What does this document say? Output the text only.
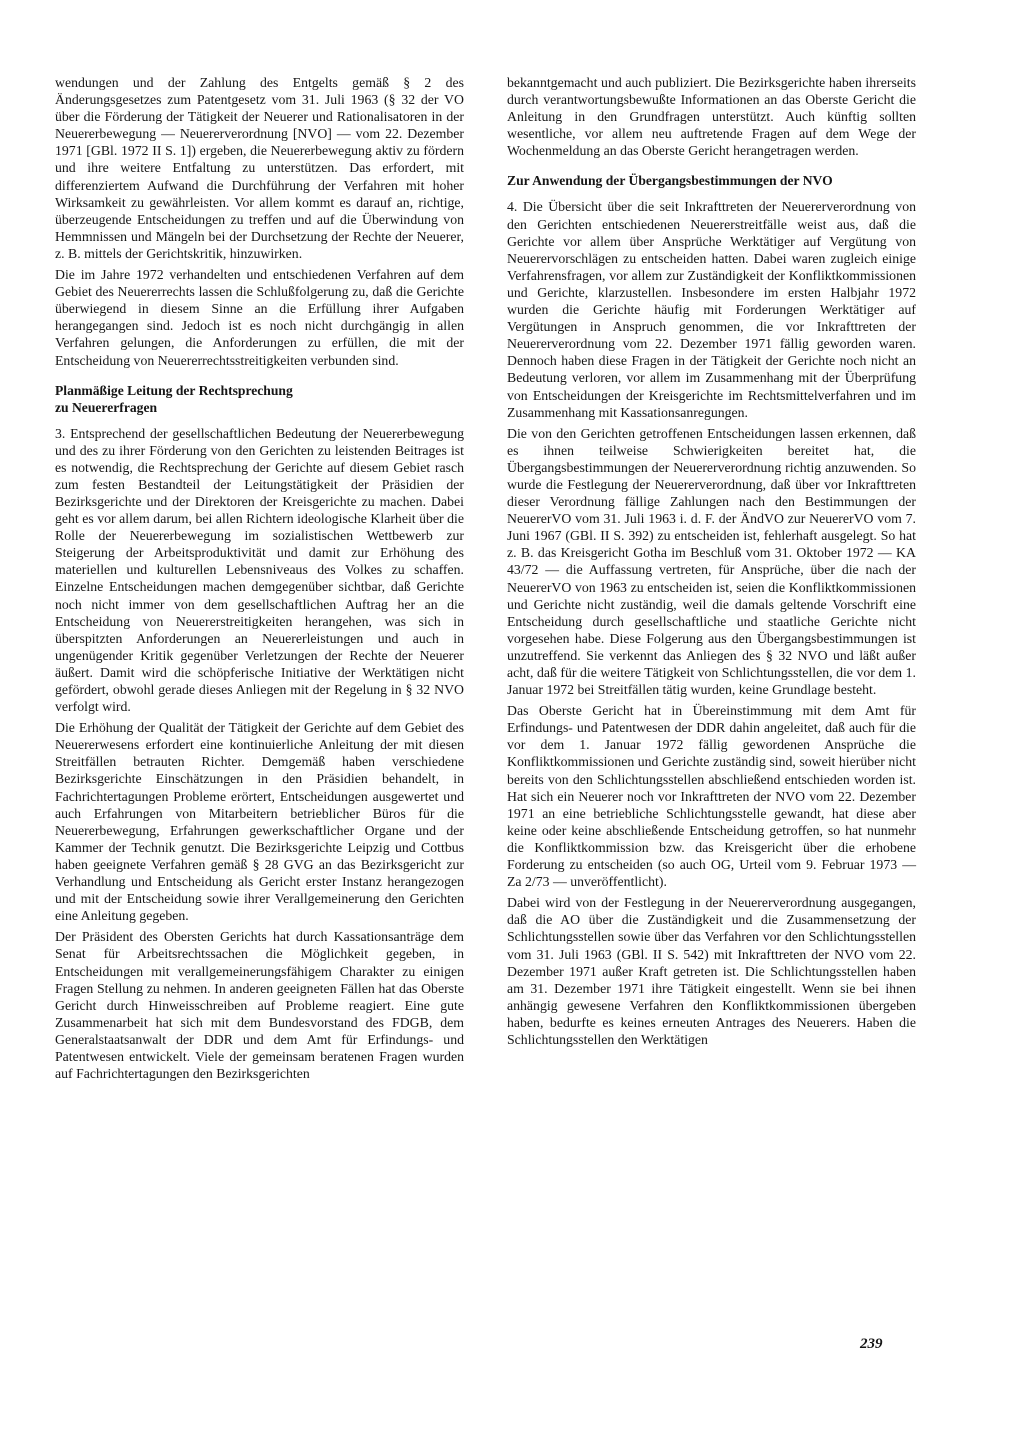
wendungen und der Zahlung des Entgelts gemäß § 2 des Änderungsgesetzes zum Patentgesetz vom 31. Juli 1963 (§ 32 der VO über die Förderung der Tätigkeit der Neuerer und Rationalisatoren in der Neuererbewegung — Neuererverordnung [NVO] — vom 22. Dezember 1971 [GBl. 1972 II S. 1]) ergeben, die Neuererbewegung aktiv zu fördern und ihre weitere Entfaltung zu unterstützen. Das erfordert, mit differenziertem Aufwand die Durchführung der Verfahren mit hoher Wirksamkeit zu gewährleisten. Vor allem kommt es darauf an, richtige, überzeugende Entscheidungen zu treffen und auf die Überwindung von Hemmnissen und Mängeln bei der Durchsetzung der Rechte der Neuerer, z. B. mittels der Gerichtskritik, hinzuwirken.

Die im Jahre 1972 verhandelten und entschiedenen Verfahren auf dem Gebiet des Neuererrechts lassen die Schlußfolgerung zu, daß die Gerichte überwiegend in diesem Sinne an die Erfüllung ihrer Aufgaben herangegangen sind. Jedoch ist es noch nicht durchgängig in allen Verfahren gelungen, die Anforderungen zu erfüllen, die mit der Entscheidung von Neuererrechtsstreitigkeiten verbunden sind.

Planmäßige Leitung der Rechtsprechung
zu Neuererfragen

3. Entsprechend der gesellschaftlichen Bedeutung der Neuererbewegung und des zu ihrer Förderung von den Gerichten zu leistenden Beitrages ist es notwendig, die Rechtsprechung der Gerichte auf diesem Gebiet rasch zum festen Bestandteil der Leitungstätigkeit der Präsidien der Bezirksgerichte und der Direktoren der Kreisgerichte zu machen. Dabei geht es vor allem darum, bei allen Richtern ideologische Klarheit über die Rolle der Neuererbewegung im sozialistischen Wettbewerb zur Steigerung der Arbeitsproduktivität und damit zur Erhöhung des materiellen und kulturellen Lebensniveaus des Volkes zu schaffen. Einzelne Entscheidungen machen demgegenüber sichtbar, daß Gerichte noch nicht immer von dem gesellschaftlichen Auftrag her an die Entscheidung von Neuererstreitigkeiten herangehen, was sich in überspitzten Anforderungen an Neuererleistungen und auch in ungenügender Kritik gegenüber Verletzungen der Rechte der Neuerer äußert. Damit wird die schöpferische Initiative der Werktätigen nicht gefördert, obwohl gerade dieses Anliegen mit der Regelung in § 32 NVO verfolgt wird.

Die Erhöhung der Qualität der Tätigkeit der Gerichte auf dem Gebiet des Neuererwesens erfordert eine kontinuierliche Anleitung der mit diesen Streitfällen betrauten Richter. Demgemäß haben verschiedene Bezirksgerichte Einschätzungen in den Präsidien behandelt, in Fachrichtertagungen Probleme erörtert, Entscheidungen ausgewertet und auch Erfahrungen von Mitarbeitern betrieblicher Büros für die Neuererbewegung, Erfahrungen gewerkschaftlicher Organe und der Kammer der Technik genutzt. Die Bezirksgerichte Leipzig und Cottbus haben geeignete Verfahren gemäß § 28 GVG an das Bezirksgericht zur Verhandlung und Entscheidung als Gericht erster Instanz herangezogen und mit der Entscheidung sowie ihrer Verallgemeinerung den Gerichten eine Anleitung gegeben.

Der Präsident des Obersten Gerichts hat durch Kassationsanträge dem Senat für Arbeitsrechtssachen die Möglichkeit gegeben, in Entscheidungen mit verallgemeinerungsfähigem Charakter zu einigen Fragen Stellung zu nehmen. In anderen geeigneten Fällen hat das Oberste Gericht durch Hinweisschreiben auf Probleme reagiert. Eine gute Zusammenarbeit hat sich mit dem Bundesvorstand des FDGB, dem Generalstaatsanwalt der DDR und dem Amt für Erfindungs- und Patentwesen entwickelt. Viele der gemeinsam beratenen Fragen wurden auf Fachrichtertagungen den Bezirksgerichten

bekanntgemacht und auch publiziert. Die Bezirksgerichte haben ihrerseits durch verantwortungsbewußte Informationen an das Oberste Gericht die Anleitung in den Grundfragen unterstützt. Auch künftig sollten wesentliche, vor allem neu auftretende Fragen auf dem Wege der Wochenmeldung an das Oberste Gericht herangetragen werden.

Zur Anwendung der Übergangsbestimmungen der NVO

4. Die Übersicht über die seit Inkrafttreten der Neuererverordnung von den Gerichten entschiedenen Neuererstreitfälle weist aus, daß die Gerichte vor allem über Ansprüche Werktätiger auf Vergütung von Neuerervorschlägen zu entscheiden hatten. Dabei waren zugleich einige Verfahrensfragen, vor allem zur Zuständigkeit der Konfliktkommissionen und Gerichte, klarzustellen. Insbesondere im ersten Halbjahr 1972 wurden die Gerichte häufig mit Forderungen Werktätiger auf Vergütungen in Anspruch genommen, die vor Inkrafttreten der Neuererverordnung vom 22. Dezember 1971 fällig geworden waren. Dennoch haben diese Fragen in der Tätigkeit der Gerichte noch nicht an Bedeutung verloren, vor allem im Zusammenhang mit der Überprüfung von Entscheidungen der Kreisgerichte im Rechtsmittelverfahren und im Zusammenhang mit Kassationsanregungen.

Die von den Gerichten getroffenen Entscheidungen lassen erkennen, daß es ihnen teilweise Schwierigkeiten bereitet hat, die Übergangsbestimmungen der Neuererverordnung richtig anzuwenden. So wurde die Festlegung der Neuererverordnung, daß über vor Inkrafttreten dieser Verordnung fällige Zahlungen nach den Bestimmungen der NeuererVO vom 31. Juli 1963 i. d. F. der ÄndVO zur NeuererVO vom 7. Juni 1967 (GBl. II S. 392) zu entscheiden ist, fehlerhaft ausgelegt. So hat z. B. das Kreisgericht Gotha im Beschluß vom 31. Oktober 1972 — KA 43/72 — die Auffassung vertreten, für Ansprüche, über die nach der NeuererVO von 1963 zu entscheiden ist, seien die Konfliktkommissionen und Gerichte nicht zuständig, weil die damals geltende Vorschrift eine Entscheidung durch gesellschaftliche und staatliche Gerichte nicht vorgesehen habe. Diese Folgerung aus den Übergangsbestimmungen ist unzutreffend. Sie verkennt das Anliegen des § 32 NVO und läßt außer acht, daß für die weitere Tätigkeit von Schlichtungsstellen, die vor dem 1. Januar 1972 bei Streitfällen tätig wurden, keine Grundlage besteht.

Das Oberste Gericht hat in Übereinstimmung mit dem Amt für Erfindungs- und Patentwesen der DDR dahin angeleitet, daß auch für die vor dem 1. Januar 1972 fällig gewordenen Ansprüche die Konfliktkommissionen und Gerichte zuständig sind, soweit hierüber nicht bereits von den Schlichtungsstellen abschließend entschieden worden ist. Hat sich ein Neuerer noch vor Inkrafttreten der NVO vom 22. Dezember 1971 an eine betriebliche Schlichtungsstelle gewandt, hat diese aber keine oder keine abschließende Entscheidung getroffen, so hat nunmehr die Konfliktkommission bzw. das Kreisgericht über die erhobene Forderung zu entscheiden (so auch OG, Urteil vom 9. Februar 1973 — Za 2/73 — unveröffentlicht).

Dabei wird von der Festlegung in der Neuererverordnung ausgegangen, daß die AO über die Zuständigkeit und die Zusammensetzung der Schlichtungsstellen sowie über das Verfahren vor den Schlichtungsstellen vom 31. Juli 1963 (GBl. II S. 542) mit Inkrafttreten der NVO vom 22. Dezember 1971 außer Kraft getreten ist. Die Schlichtungsstellen haben am 31. Dezember 1971 ihre Tätigkeit eingestellt. Wenn sie bei ihnen anhängig gewesene Verfahren den Konfliktkommissionen übergeben haben, bedurfte es keines erneuten Antrages des Neuerers. Haben die Schlichtungsstellen den Werktätigen

239
